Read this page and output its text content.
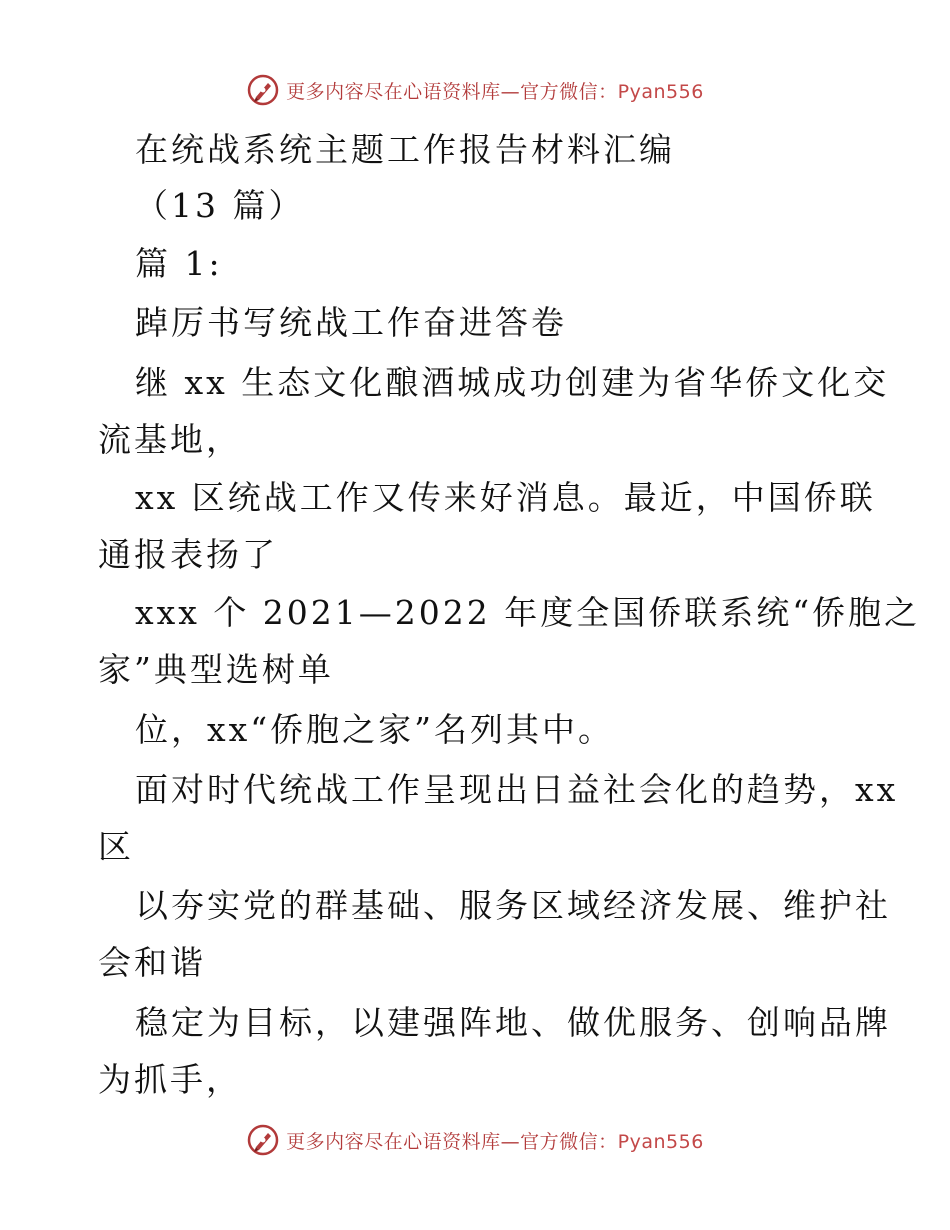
更多内容尽在心语资料库—官方微信：Pyan556
在统战系统主题工作报告材料汇编
（13 篇）
篇 1:
踔厉书写统战工作奋进答卷
继 xx 生态文化酿酒城成功创建为省华侨文化交
流基地，
xx 区统战工作又传来好消息。最近，中国侨联
通报表扬了
xxx 个 2021—2022 年度全国侨联系统“侨胞之
家”典型选树单
位，xx“侨胞之家”名列其中。
面对时代统战工作呈现出日益社会化的趋势，xx
区
以夯实党的群基础、服务区域经济发展、维护社
会和谐
稳定为目标，以建强阵地、做优服务、创响品牌
为抓手，
更多内容尽在心语资料库—官方微信：Pyan556
